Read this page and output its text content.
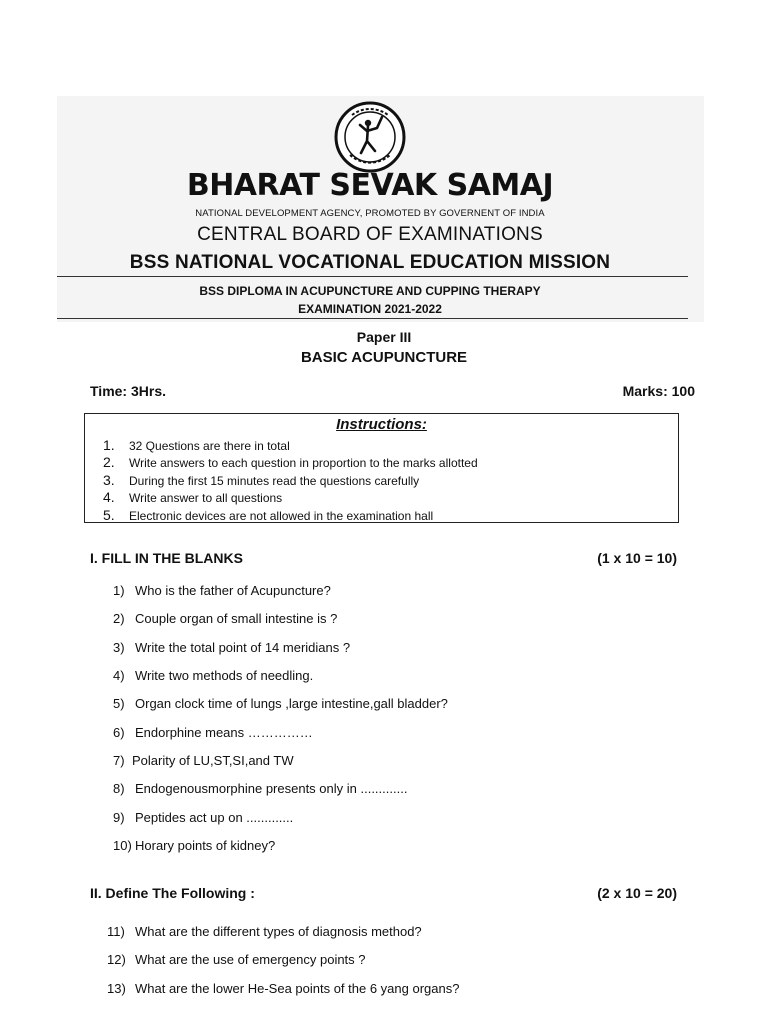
BHARAT SEVAK SAMAJ
NATIONAL DEVELOPMENT AGENCY, PROMOTED BY GOVERNENT OF INDIA
CENTRAL BOARD OF EXAMINATIONS
BSS NATIONAL VOCATIONAL EDUCATION MISSION
BSS DIPLOMA IN ACUPUNCTURE AND CUPPING THERAPY
EXAMINATION 2021-2022
Paper III
BASIC ACUPUNCTURE
Time: 3Hrs.	Marks: 100
Instructions:
1.	32 Questions are there in total
2.	Write answers to each question in proportion to the marks allotted
3.	During the first 15 minutes read the questions carefully
4.	Write answer to all questions
5.	Electronic devices are not allowed in the examination hall
I. FILL IN THE BLANKS	(1 x 10 = 10)
1) Who is the father of Acupuncture?
2) Couple organ of small intestine is ?
3) Write the total point of 14 meridians ?
4) Write two methods of needling.
5) Organ clock time of lungs ,large intestine,gall bladder?
6) Endorphine means ……………
7) Polarity of LU,ST,SI,and TW
8) Endogenousmorphine presents only in .............
9) Peptides act up on .............
10) Horary points of kidney?
II. Define The Following :	(2 x 10 = 20)
11) What are the different types of diagnosis method?
12) What are the use of emergency points ?
13) What are the lower He-Sea points of the 6 yang organs?
